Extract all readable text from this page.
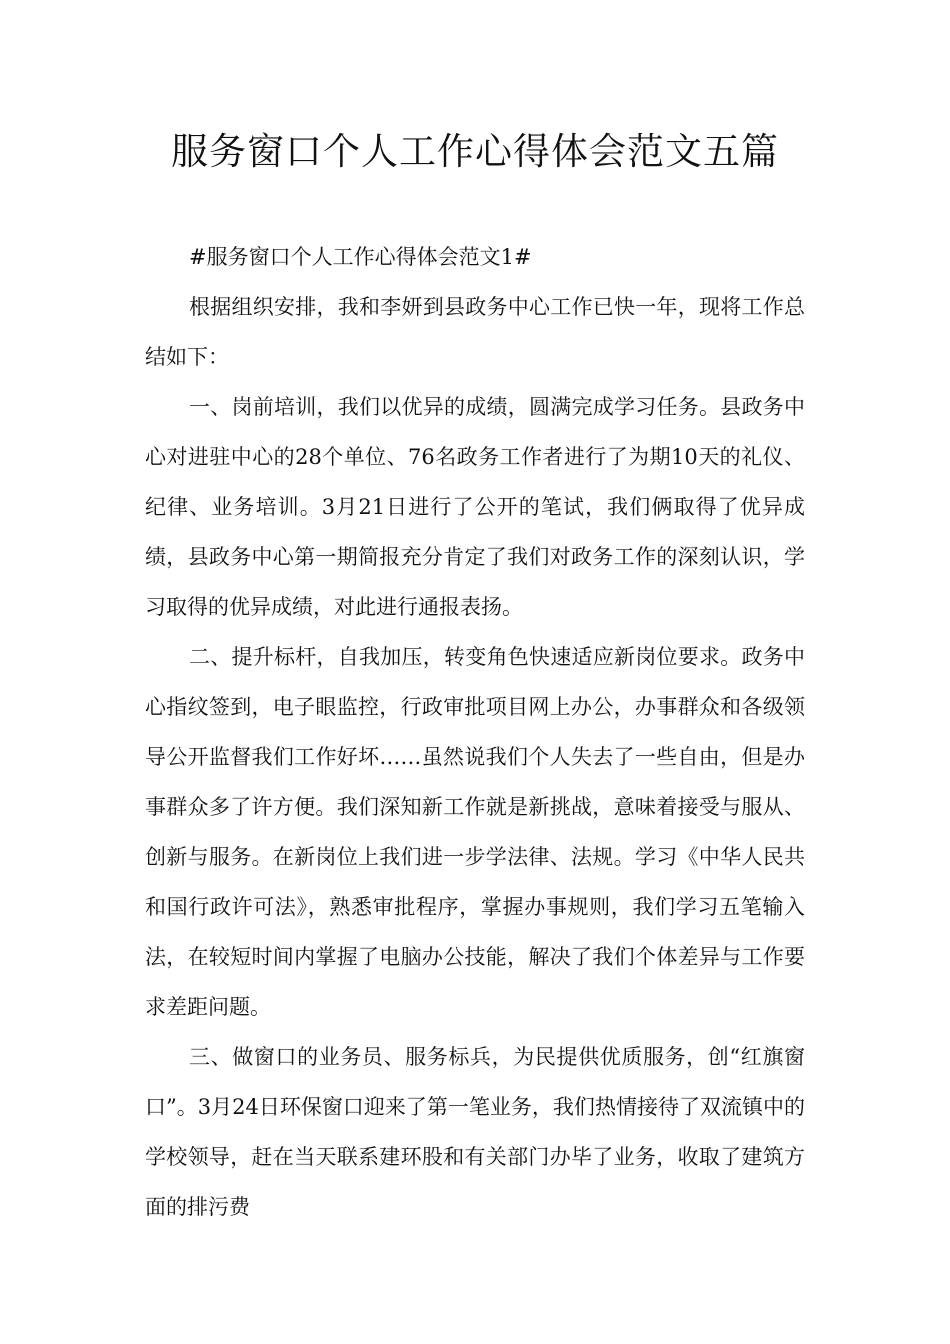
服务窗口个人工作心得体会范文五篇

#服务窗口个人工作心得体会范文1#

根据组织安排，我和李妍到县政务中心工作已快一年，现将工作总结如下：

一、岗前培训，我们以优异的成绩，圆满完成学习任务。县政务中心对进驻中心的28个单位、76名政务工作者进行了为期10天的礼仪、纪律、业务培训。3月21日进行了公开的笔试，我们俩取得了优异成绩，县政务中心第一期简报充分肯定了我们对政务工作的深刻认识，学习取得的优异成绩，对此进行通报表扬。

二、提升标杆，自我加压，转变角色快速适应新岗位要求。政务中心指纹签到，电子眼监控，行政审批项目网上办公，办事群众和各级领导公开监督我们工作好坏……虽然说我们个人失去了一些自由，但是办事群众多了许方便。我们深知新工作就是新挑战，意味着接受与服从、创新与服务。在新岗位上我们进一步学法律、法规。学习《中华人民共和国行政许可法》，熟悉审批程序，掌握办事规则，我们学习五笔输入法，在较短时间内掌握了电脑办公技能，解决了我们个体差异与工作要求差距问题。

三、做窗口的业务员、服务标兵，为民提供优质服务，创“红旗窗口”。3月24日环保窗口迎来了第一笔业务，我们热情接待了双流镇中的学校领导，赶在当天联系建环股和有关部门办毕了业务，收取了建筑方面的排污费
